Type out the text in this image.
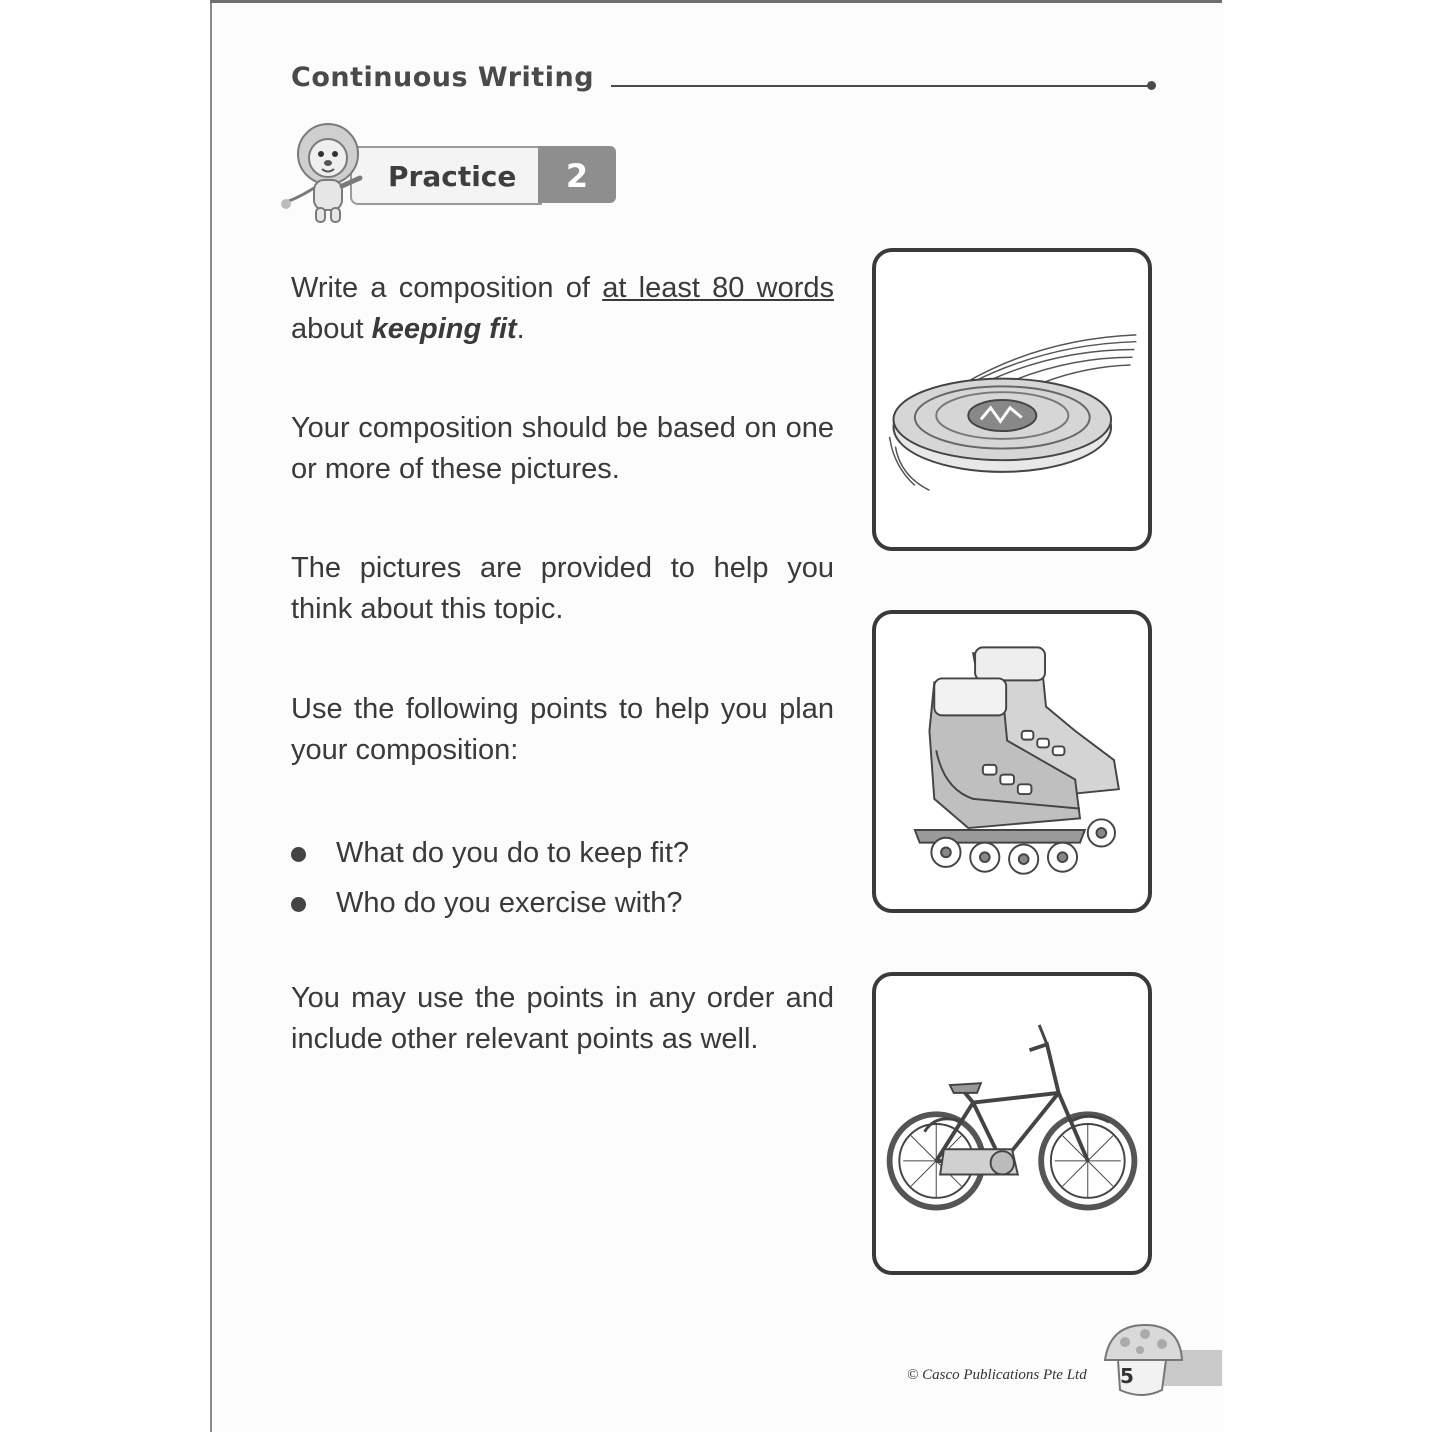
Continuous Writing
Practice	2
Write a composition of at least 80 words about keeping fit.
Your composition should be based on one or more of these pictures.
The pictures are provided to help you think about this topic.
Use the following points to help you plan your composition:
What do you do to keep fit?
Who do you exercise with?
You may use the points in any order and include other relevant points as well.
© Casco Publications Pte Ltd	5
